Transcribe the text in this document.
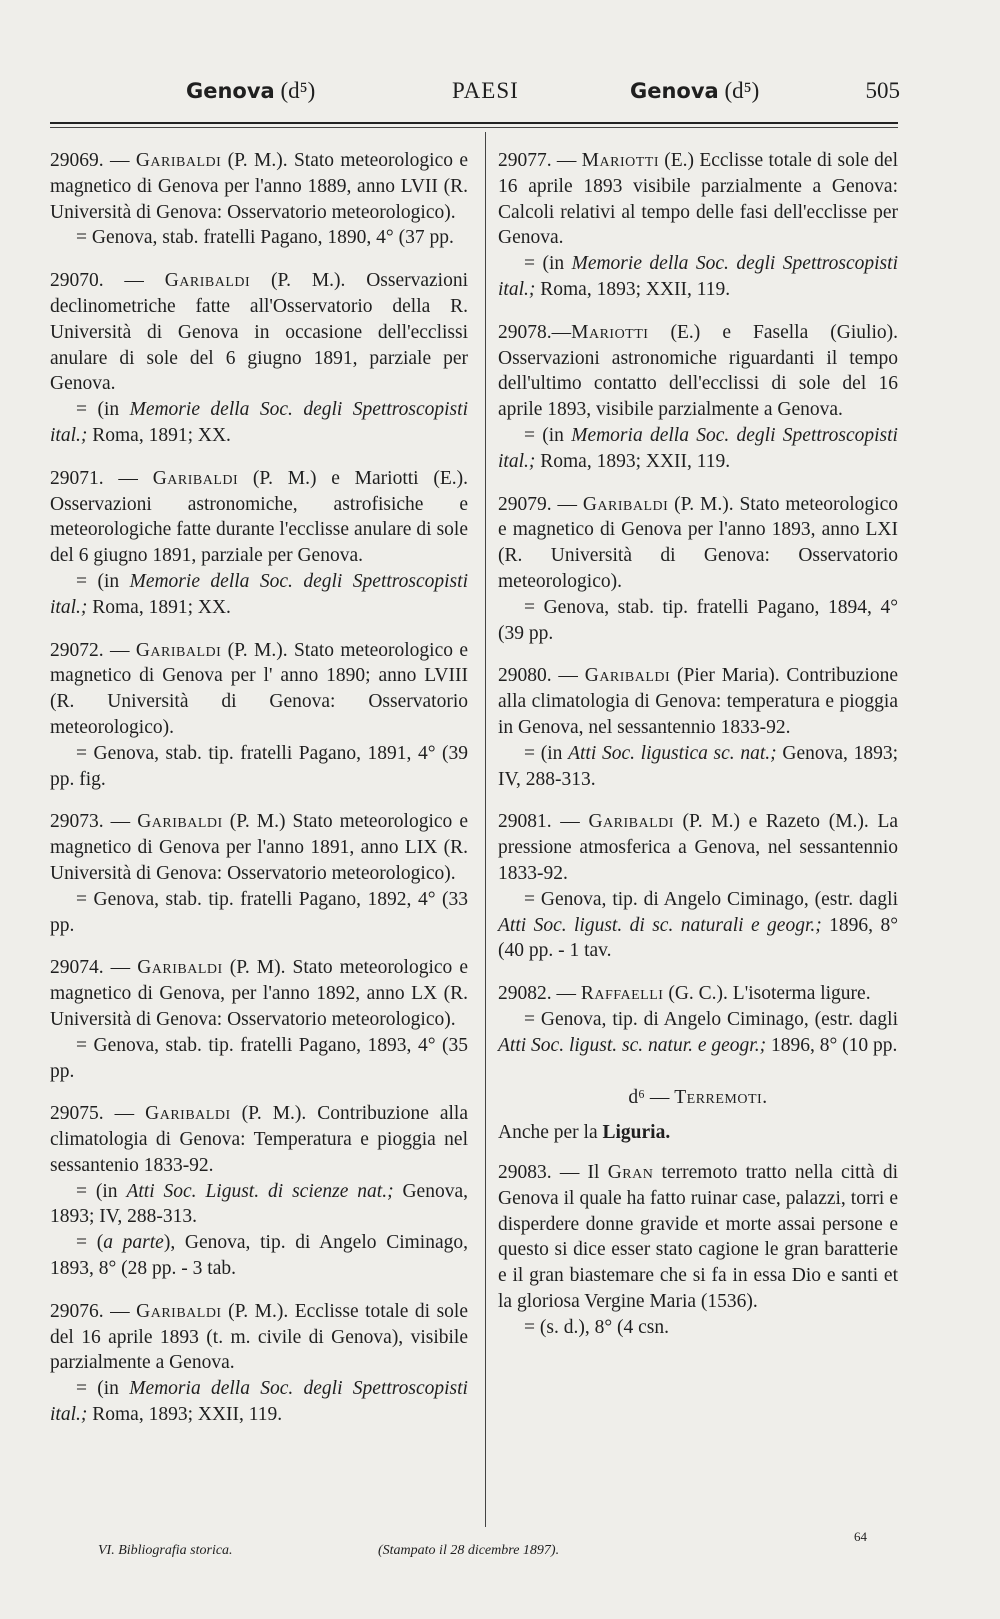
Genova (d⁵)	PAESI	Genova (d⁵)	505

29069. — Garibaldi (P. M.). Stato meteorologico e magnetico di Genova per l'anno 1889, anno LVII (R. Università di Genova: Osservatorio meteorologico).

= Genova, stab. fratelli Pagano, 1890, 4° (37 pp.

29070. — Garibaldi (P. M.). Osservazioni declinometriche fatte all'Osservatorio della R. Università di Genova in occasione dell'ecclissi anulare di sole del 6 giugno 1891, parziale per Genova.

= (in Memorie della Soc. degli Spettroscopisti ital.; Roma, 1891; XX.

29071. — Garibaldi (P. M.) e Mariotti (E.). Osservazioni astronomiche, astrofisiche e meteorologiche fatte durante l'ecclisse anulare di sole del 6 giugno 1891, parziale per Genova.

= (in Memorie della Soc. degli Spettroscopisti ital.; Roma, 1891; XX.

29072. — Garibaldi (P. M.). Stato meteorologico e magnetico di Genova per l' anno 1890; anno LVIII (R. Università di Genova: Osservatorio meteorologico).

= Genova, stab. tip. fratelli Pagano, 1891, 4° (39 pp. fig.

29073. — Garibaldi (P. M.) Stato meteorologico e magnetico di Genova per l'anno 1891, anno LIX (R. Università di Genova: Osservatorio meteorologico).

= Genova, stab. tip. fratelli Pagano, 1892, 4° (33 pp.

29074. — Garibaldi (P. M). Stato meteorologico e magnetico di Genova, per l'anno 1892, anno LX (R. Università di Genova: Osservatorio meteorologico).

= Genova, stab. tip. fratelli Pagano, 1893, 4° (35 pp.

29075. — Garibaldi (P. M.). Contribuzione alla climatologia di Genova: Temperatura e pioggia nel sessantenio 1833-92.

= (in Atti Soc. Ligust. di scienze nat.; Genova, 1893; IV, 288-313.

= (a parte), Genova, tip. di Angelo Ciminago, 1893, 8° (28 pp. - 3 tab.

29076. — Garibaldi (P. M.). Ecclisse totale di sole del 16 aprile 1893 (t. m. civile di Genova), visibile parzialmente a Genova.

= (in Memoria della Soc. degli Spettroscopisti ital.; Roma, 1893; XXII, 119.

29077. — Mariotti (E.) Ecclisse totale di sole del 16 aprile 1893 visibile parzialmente a Genova: Calcoli relativi al tempo delle fasi dell'ecclisse per Genova.

= (in Memorie della Soc. degli Spettroscopisti ital.; Roma, 1893; XXII, 119.

29078.—Mariotti (E.) e Fasella (Giulio). Osservazioni astronomiche riguardanti il tempo dell'ultimo contatto dell'ecclissi di sole del 16 aprile 1893, visibile parzialmente a Genova.

= (in Memoria della Soc. degli Spettroscopisti ital.; Roma, 1893; XXII, 119.

29079. — Garibaldi (P. M.). Stato meteorologico e magnetico di Genova per l'anno 1893, anno LXI (R. Università di Genova: Osservatorio meteorologico).

= Genova, stab. tip. fratelli Pagano, 1894, 4° (39 pp.

29080. — Garibaldi (Pier Maria). Contribuzione alla climatologia di Genova: temperatura e pioggia in Genova, nel sessantennio 1833-92.

= (in Atti Soc. ligustica sc. nat.; Genova, 1893; IV, 288-313.

29081. — Garibaldi (P. M.) e Razeto (M.). La pressione atmosferica a Genova, nel sessantennio 1833-92.

= Genova, tip. di Angelo Ciminago, (estr. dagli Atti Soc. ligust. di sc. naturali e geogr.; 1896, 8° (40 pp. - 1 tav.

29082. — Raffaelli (G. C.). L'isoterma ligure.

= Genova, tip. di Angelo Ciminago, (estr. dagli Atti Soc. ligust. sc. natur. e geogr.; 1896, 8° (10 pp.

d⁶ — Terremoti.

Anche per la Liguria.

29083. — Il Gran terremoto tratto nella città di Genova il quale ha fatto ruinar case, palazzi, torri e disperdere donne gravide et morte assai persone e questo si dice esser stato cagione le gran baratterie e il gran biastemare che si fa in essa Dio e santi et la gloriosa Vergine Maria (1536).

= (s. d.), 8° (4 csn.

VI. Bibliografia storica.	(Stampato il 28 dicembre 1897).
64
